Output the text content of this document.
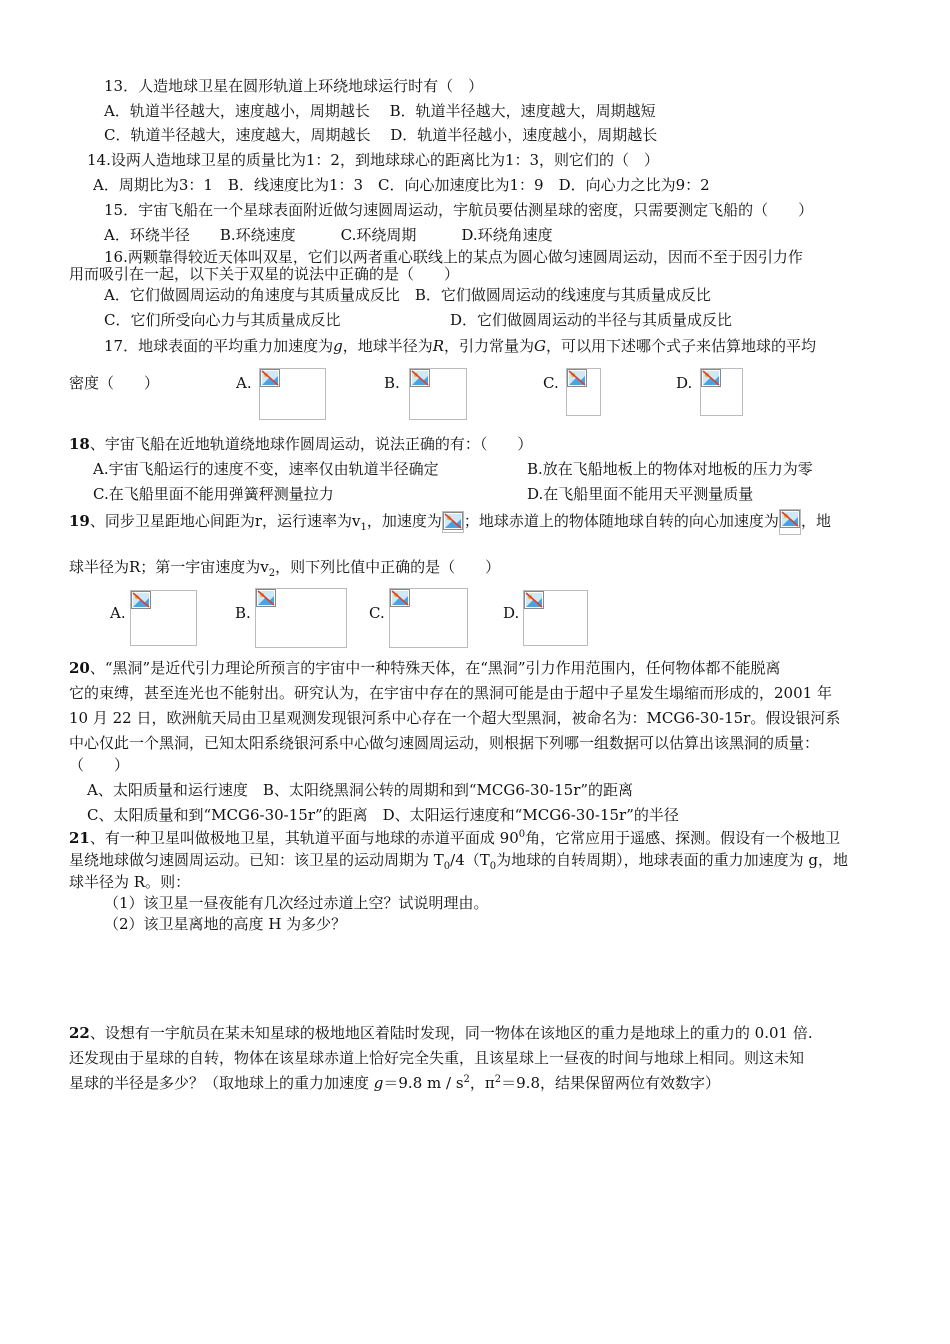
13．人造地球卫星在圆形轨道上环绕地球运行时有（　）
A．轨道半径越大，速度越小，周期越长　 B．轨道半径越大，速度越大，周期越短
C．轨道半径越大，速度越大，周期越长　 D．轨道半径越小，速度越小，周期越长
14.设两人造地球卫星的质量比为1：2，到地球球心的距离比为1：3，则它们的（　）
A．周期比为3：1　B．线速度比为1：3　C．向心加速度比为1：9　D．向心力之比为9：2
15．宇宙飞船在一个星球表面附近做匀速圆周运动，宇航员要估测星球的密度，只需要测定飞船的（　　）
A．环绕半径　　B.环绕速度　　　C.环绕周期　　　D.环绕角速度
16.两颗靠得较近天体叫双星，它们以两者重心联线上的某点为圆心做匀速圆周运动，因而不至于因引力作
用而吸引在一起，以下关于双星的说法中正确的是（　　）
A．它们做圆周运动的角速度与其质量成反比　B．它们做圆周运动的线速度与其质量成反比
C．它们所受向心力与其质量成反比	D．它们做圆周运动的半径与其质量成反比
17．地球表面的平均重力加速度为g，地球半径为R，引力常量为G，可以用下述哪个式子来估算地球的平均
密度（　　）	A.	B.	C.	D.
18、宇宙飞船在近地轨道绕地球作圆周运动，说法正确的有：（　　）
A.宇宙飞船运行的速度不变，速率仅由轨道半径确定	B.放在飞船地板上的物体对地板的压力为零
C.在飞船里面不能用弹簧秤测量拉力	D.在飞船里面不能用天平测量质量
19、同步卫星距地心间距为r，运行速率为$v_1$，加速度为 ；地球赤道上的物体随地球自转的向心加速度为 ，地
球半径为R；第一宇宙速度为$v_2$，则下列比值中正确的是（　　）
A.	B.	C.	D.
20、“黑洞”是近代引力理论所预言的宇宙中一种特殊天体，在“黑洞”引力作用范围内，任何物体都不能脱离
它的束缚，甚至连光也不能射出。研究认为，在宇宙中存在的黑洞可能是由于超中子星发生塌缩而形成的，2001 年
10 月 22 日，欧洲航天局由卫星观测发现银河系中心存在一个超大型黑洞，被命名为：MCG6-30-15r。假设银河系
中心仅此一个黑洞，已知太阳系绕银河系中心做匀速圆周运动，则根据下列哪一组数据可以估算出该黑洞的质量：
（　　）
A、太阳质量和运行速度　B、太阳绕黑洞公转的周期和到“MCG6-30-15r”的距离
C、太阳质量和到“MCG6-30-15r”的距离　D、太阳运行速度和“MCG6-30-15r”的半径
21、有一种卫星叫做极地卫星，其轨道平面与地球的赤道平面成 $90^0$角，它常应用于遥感、探测。假设有一个极地卫
星绕地球做匀速圆周运动。已知：该卫星的运动周期为 $T_0/4(T_0$为地球的自转周期），地球表面的重力加速度为 g，地
球半径为 R。则：
（1）该卫星一昼夜能有几次经过赤道上空？试说明理由。
（2）该卫星离地的高度 H 为多少？
22、设想有一宇航员在某未知星球的极地地区着陆时发现，同一物体在该地区的重力是地球上的重力的 0.01 倍.
还发现由于星球的自转，物体在该星球赤道上恰好完全失重，且该星球上一昼夜的时间与地球上相同。则这未知
星球的半径是多少？（取地球上的重力加速度 g＝9.8 m / $s^2$，$\pi^2=9.8$，结果保留两位有效数字）
